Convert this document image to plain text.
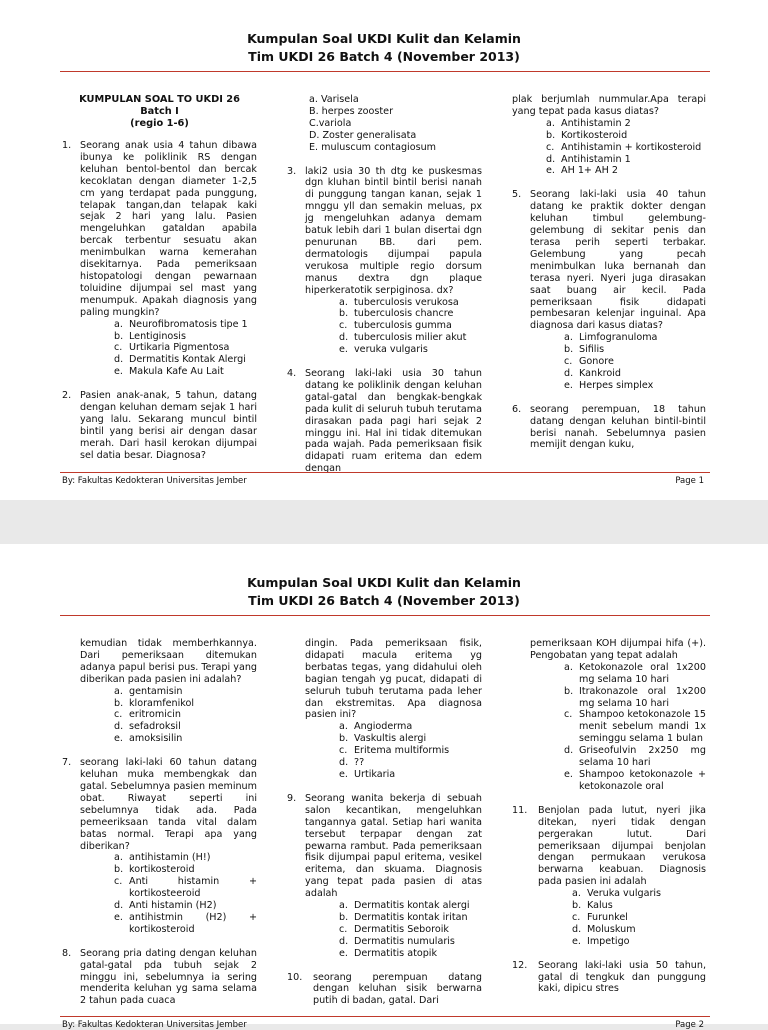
Kumpulan Soal UKDI Kulit dan Kelamin
Tim UKDI 26 Batch 4 (November 2013)
KUMPULAN SOAL TO UKDI 26
Batch I
(regio 1-6)
1. Seorang anak usia 4 tahun dibawa ibunya ke poliklinik RS dengan keluhan bentol-bentol dan bercak kecoklatan dengan diameter 1-2,5 cm yang terdapat pada punggung, telapak tangan,dan telapak kaki sejak 2 hari yang lalu. Pasien mengeluhkan gataldan apabila bercak terbentur sesuatu akan menimbulkan warna kemerahan disekitarnya. Pada pemeriksaan histopatologi dengan pewarnaan toluidine dijumpai sel mast yang menumpuk. Apakah diagnosis yang paling mungkin?
a. Neurofibromatosis tipe 1
b. Lentiginosis
c. Urtikaria Pigmentosa
d. Dermatitis Kontak Alergi
e. Makula Kafe Au Lait
2. Pasien anak-anak, 5 tahun, datang dengan keluhan demam sejak 1 hari yang lalu. Sekarang muncul bintil bintil yang berisi air dengan dasar merah. Dari hasil kerokan dijumpai sel datia besar. Diagnosa?
a. Varisela
B. herpes zooster
C.variola
D. Zoster generalisata
E. muluscum contagiosum
3. laki2 usia 30 th dtg ke puskesmas dgn kluhan bintil bintil berisi nanah di punggung tangan kanan, sejak 1 mnggu yll dan semakin meluas, px jg mengeluhkan adanya demam batuk lebih dari 1 bulan disertai dgn penurunan BB. dari pem. dermatologis dijumpai papula verukosa multiple regio dorsum manus dextra dgn plaque hiperkeratotik serpiginosa. dx?
a. tuberculosis verukosa
b. tuberculosis chancre
c. tuberculosis gumma
d. tuberculosis milier akut
e. veruka vulgaris
4. Seorang laki-laki usia 30 tahun datang ke poliklinik dengan keluhan gatal-gatal dan bengkak-bengkak pada kulit di seluruh tubuh terutama dirasakan pada pagi hari sejak 2 minggu ini. Hal ini tidak ditemukan pada wajah. Pada pemeriksaan fisik didapati ruam eritema dan edem dengan
plak berjumlah nummular.Apa terapi yang tepat pada kasus diatas?
a. Antihistamin 2
b. Kortikosteroid
c. Antihistamin + kortikosteroid
d. Antihistamin 1
e. AH 1+ AH 2
5. Seorang laki-laki usia 40 tahun datang ke praktik dokter dengan keluhan timbul gelembung-gelembung di sekitar penis dan terasa perih seperti terbakar. Gelembung yang pecah menimbulkan luka bernanah dan terasa nyeri. Nyeri juga dirasakan saat buang air kecil. Pada pemeriksaan fisik didapati pembesaran kelenjar inguinal. Apa diagnosa dari kasus diatas?
a. Limfogranuloma
b. Sifilis
c. Gonore
d. Kankroid
e. Herpes simplex
6. seorang perempuan, 18 tahun datang dengan keluhan bintil-bintil berisi nanah. Sebelumnya pasien memijit dengan kuku,
By: Fakultas Kedokteran Universitas Jember	Page 1
Kumpulan Soal UKDI Kulit dan Kelamin
Tim UKDI 26 Batch 4 (November 2013)
kemudian tidak memberhkannya. Dari pemeriksaan ditemukan adanya papul berisi pus. Terapi yang diberikan pada pasien ini adalah?
a. gentamisin
b. kloramfenikol
c. eritromicin
d. sefadroksil
e. amoksisilin
7. seorang laki-laki 60 tahun datang keluhan muka membengkak dan gatal. Sebelumnya pasien meminum obat. Riwayat seperti ini sebelumnya tidak ada. Pada pemeeriksaan tanda vital dalam batas normal. Terapi apa yang diberikan?
a. antihistamin (H!)
b. kortikosteroid
c. Anti histamin + kortikosteeroid
d. Anti histamin (H2)
e. antihistmin (H2) + kortikosteroid
8. Seorang pria dating dengan keluhan gatal-gatal pda tubuh sejak 2 minggu ini, sebelumnya ia sering menderita keluhan yg sama selama 2 tahun pada cuaca
dingin. Pada pemeriksaan fisik, didapati macula eritema yg berbatas tegas, yang didahului oleh bagian tengah yg pucat, didapati di seluruh tubuh terutama pada leher dan ekstremitas. Apa diagnosa pasien ini?
a. Angioderma
b. Vaskultis alergi
c. Eritema multiformis
d. ??
e. Urtikaria
9. Seorang wanita bekerja di sebuah salon kecantikan, mengeluhkan tangannya gatal. Setiap hari wanita tersebut terpapar dengan zat pewarna rambut. Pada pemeriksaan fisik dijumpai papul eritema, vesikel eritema, dan skuama. Diagnosis yang tepat pada pasien di atas adalah
a. Dermatitis kontak alergi
b. Dermatitis kontak iritan
c. Dermatitis Seboroik
d. Dermatitis numularis
e. Dermatitis atopik
10.	seorang perempuan datang dengan keluhan sisik berwarna putih di badan, gatal. Dari
pemeriksaan KOH dijumpai hifa (+). Pengobatan yang tepat adalah
a. Ketokonazole oral 1x200 mg selama 10 hari
b. Itrakonazole oral 1x200 mg selama 10 hari
c. Shampoo ketokonazole 15 menit sebelum mandi 1x seminggu selama 1 bulan
d. Griseofulvin 2x250 mg selama 10 hari
e. Shampoo ketokonazole + ketokonazole oral
11.	Benjolan pada lutut, nyeri jika ditekan, nyeri tidak dengan pergerakan lutut. Dari pemeriksaan dijumpai benjolan dengan permukaan verukosa berwarna keabuan. Diagnosis pada pasien ini adalah
a. Veruka vulgaris
b. Kalus
c. Furunkel
d. Moluskum
e. Impetigo
12.	Seorang laki-laki usia 50 tahun, gatal di tengkuk dan punggung kaki, dipicu stres
By: Fakultas Kedokteran Universitas Jember	Page 2
